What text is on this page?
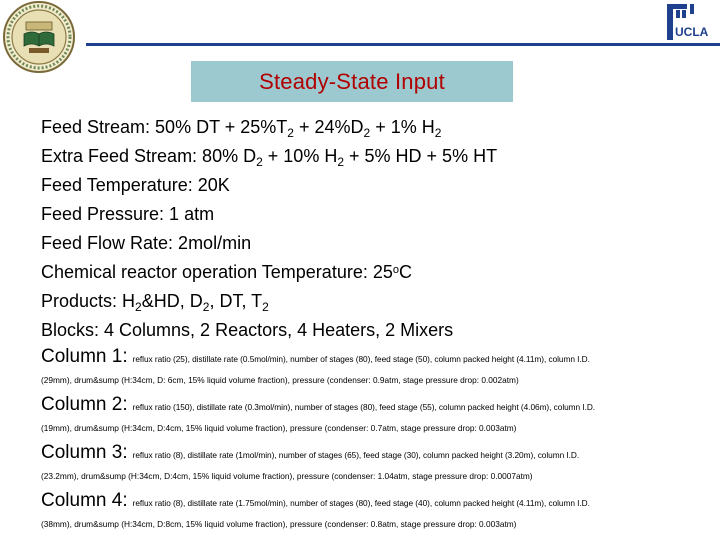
UCLA
Steady-State Input
Feed Stream: 50% DT + $25\%T_2 + 24\%D_2 + 1\%$ $H_2$
Extra Feed Stream: 80% $D_2 + 10\%$ $H_2 + 5\%$ HD + 5% HT
Feed Temperature: 20K
Feed Pressure: 1 atm
Feed Flow Rate: 2mol/min
Chemical reactor operation Temperature: 25$^o$C
Products: $H_2\&HD$, $D_2$, DT, $T_2$
Blocks: 4 Columns, 2 Reactors, 4 Heaters, 2 Mixers
Column 1: reflux ratio (25), distillate rate (0.5mol/min), number of stages (80), feed stage (50), column packed height (4.11m), column I.D.
(29mm), drum&sump (H:34cm, D: 6cm, 15% liquid volume fraction), pressure (condenser: 0.9atm, stage pressure drop: 0.002atm)
Column 2: reflux ratio (150), distillate rate (0.3mol/min), number of stages (80), feed stage (55), column packed height (4.06m), column I.D.
(19mm), drum&sump (H:34cm, D:4cm, 15% liquid volume fraction), pressure (condenser: 0.7atm, stage pressure drop: 0.003atm)
Column 3: reflux ratio (8), distillate rate (1mol/min), number of stages (65), feed stage (30), column packed height (3.20m), column I.D.
(23.2mm), drum&sump (H:34cm, D:4cm, 15% liquid volume fraction), pressure (condenser: 1.04atm, stage pressure drop: 0.0007atm)
Column 4: reflux ratio (8), distillate rate (1.75mol/min), number of stages (80), feed stage (40), column packed height (4.11m), column I.D.
(38mm), drum&sump (H:34cm, D:8cm, 15% liquid volume fraction), pressure (condenser: 0.8atm, stage pressure drop: 0.003atm)
